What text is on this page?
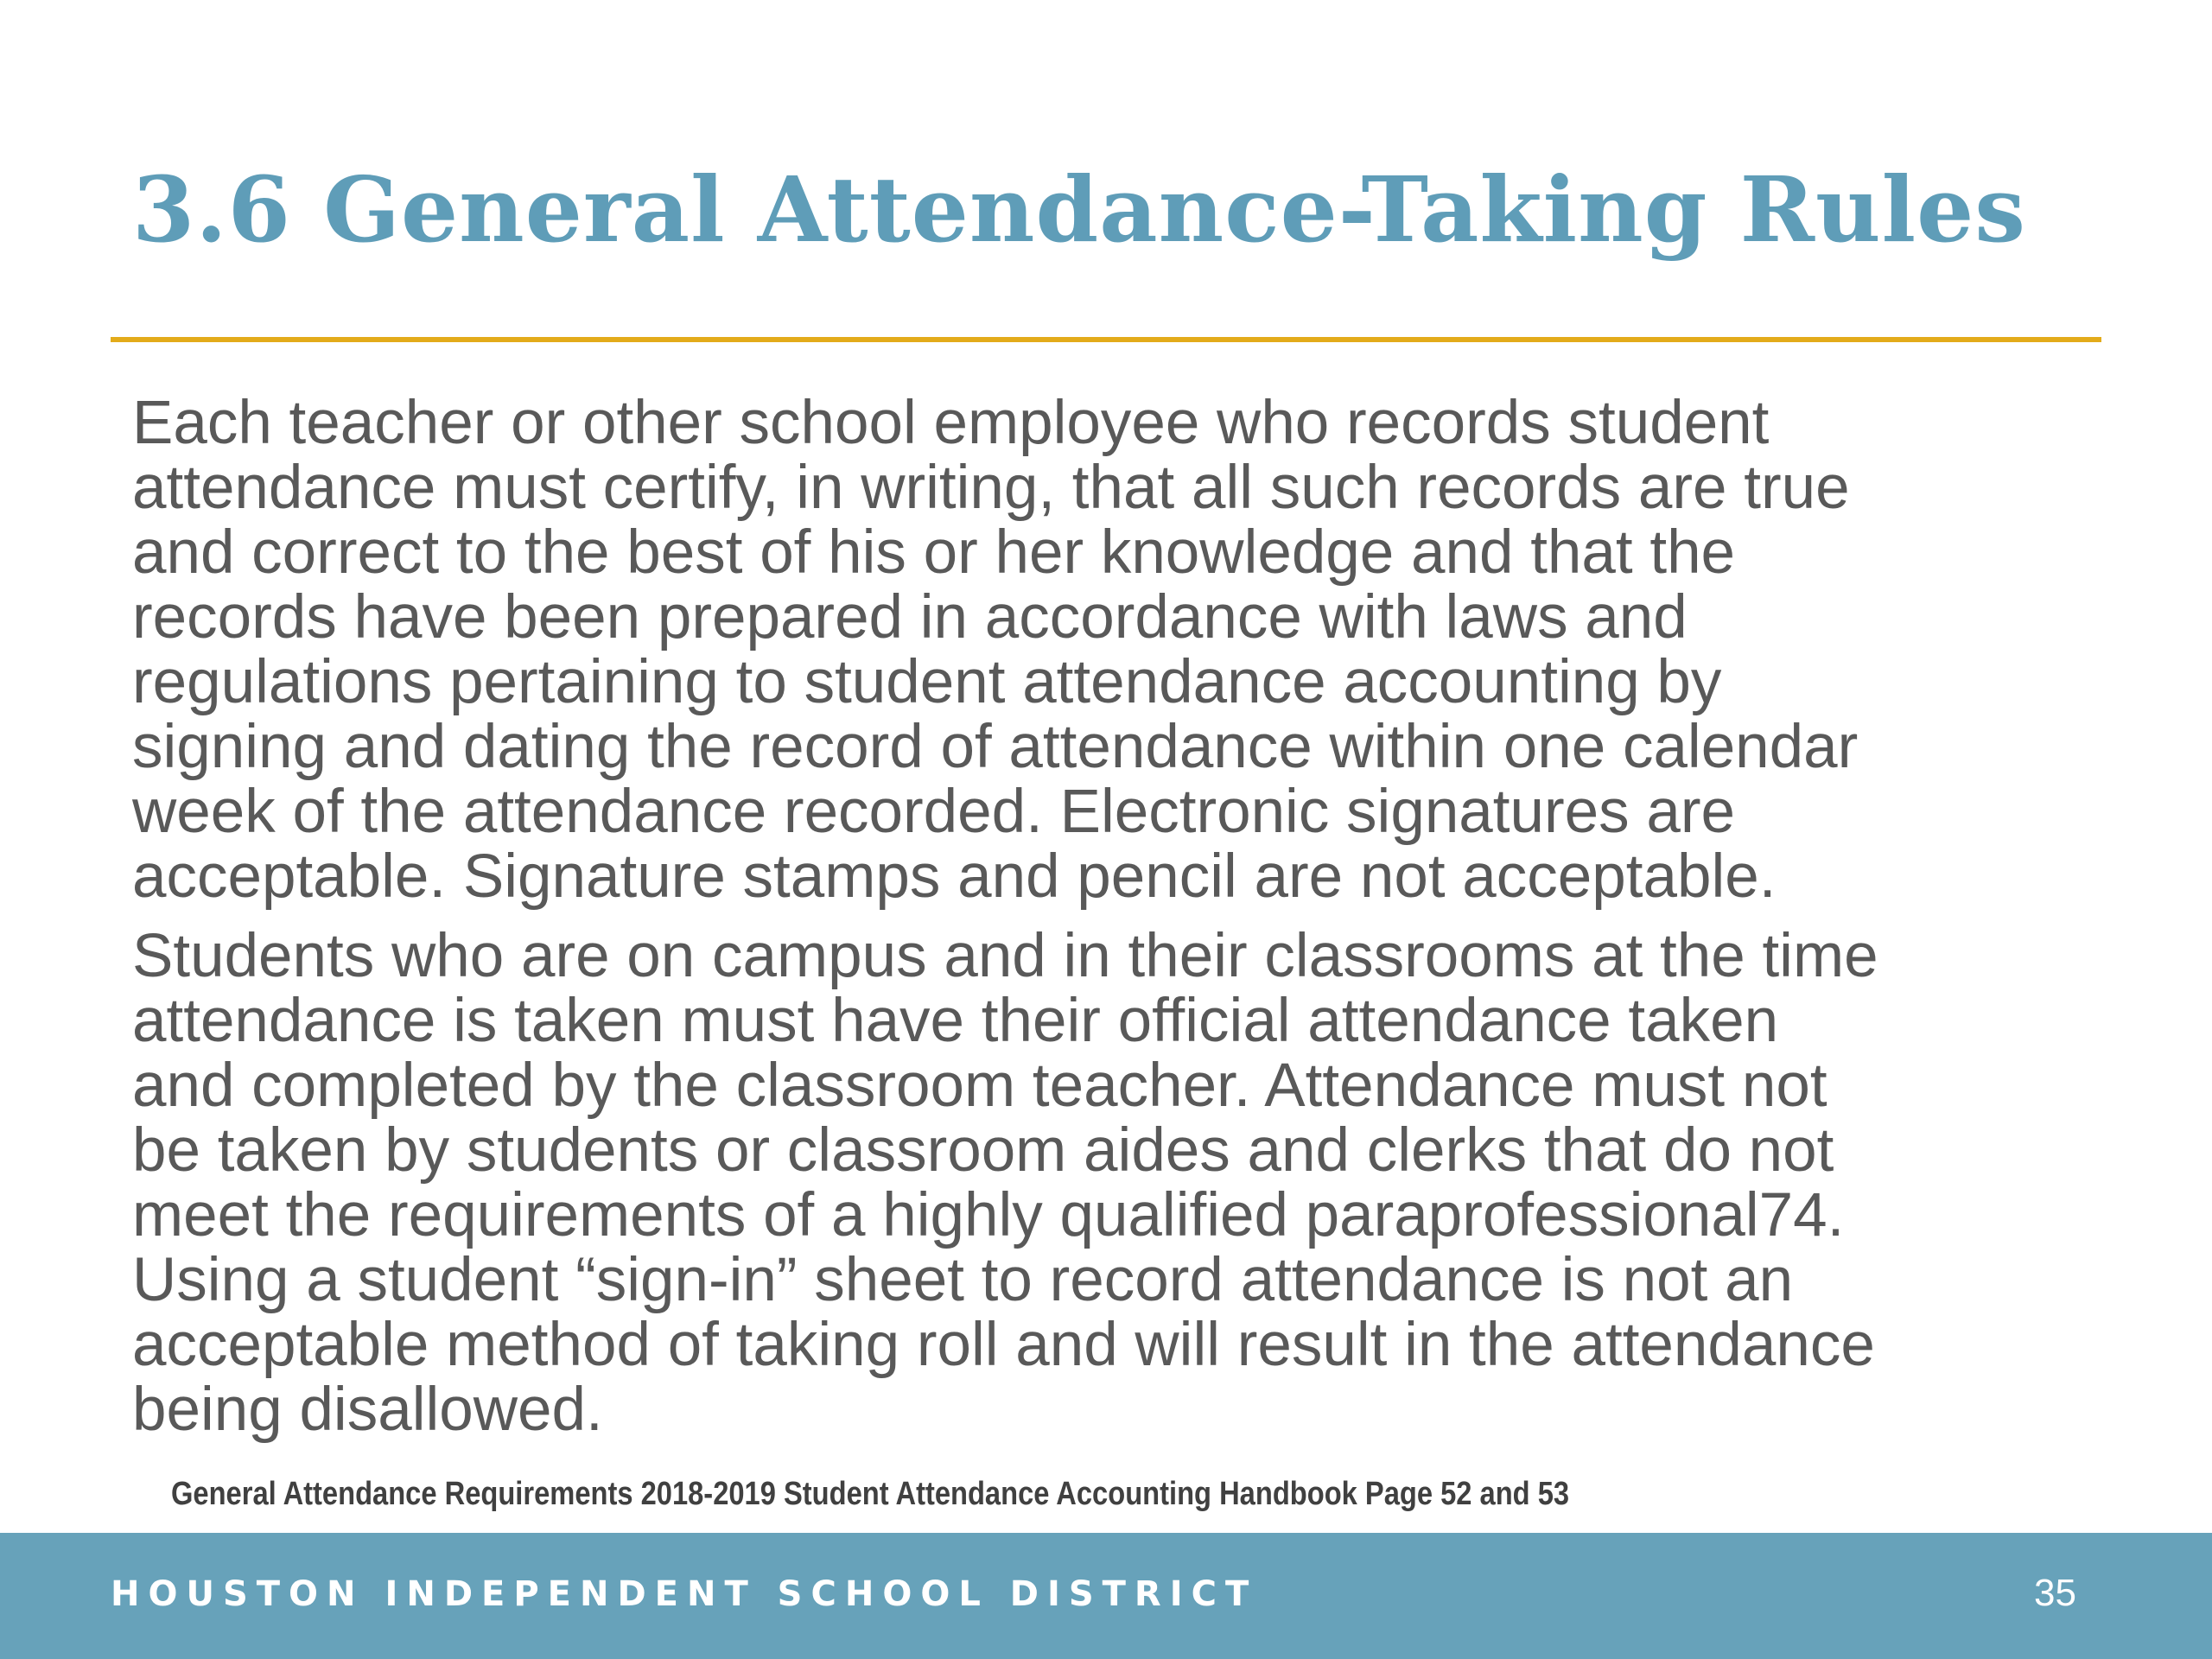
3.6 General Attendance-Taking Rules

Each teacher or other school employee who records student
attendance must certify, in writing, that all such records are true
and correct to the best of his or her knowledge and that the
records have been prepared in accordance with laws and
regulations pertaining to student attendance accounting by
signing and dating the record of attendance within one calendar
week of the attendance recorded. Electronic signatures are
acceptable. Signature stamps and pencil are not acceptable.

Students who are on campus and in their classrooms at the time
attendance is taken must have their official attendance taken
and completed by the classroom teacher. Attendance must not
be taken by students or classroom aides and clerks that do not
meet the requirements of a highly qualified paraprofessional74.
Using a student “sign-in” sheet to record attendance is not an
acceptable method of taking roll and will result in the attendance
being disallowed.

General Attendance Requirements 2018-2019 Student Attendance Accounting Handbook Page 52 and 53

HOUSTON INDEPENDENT SCHOOL DISTRICT	35
